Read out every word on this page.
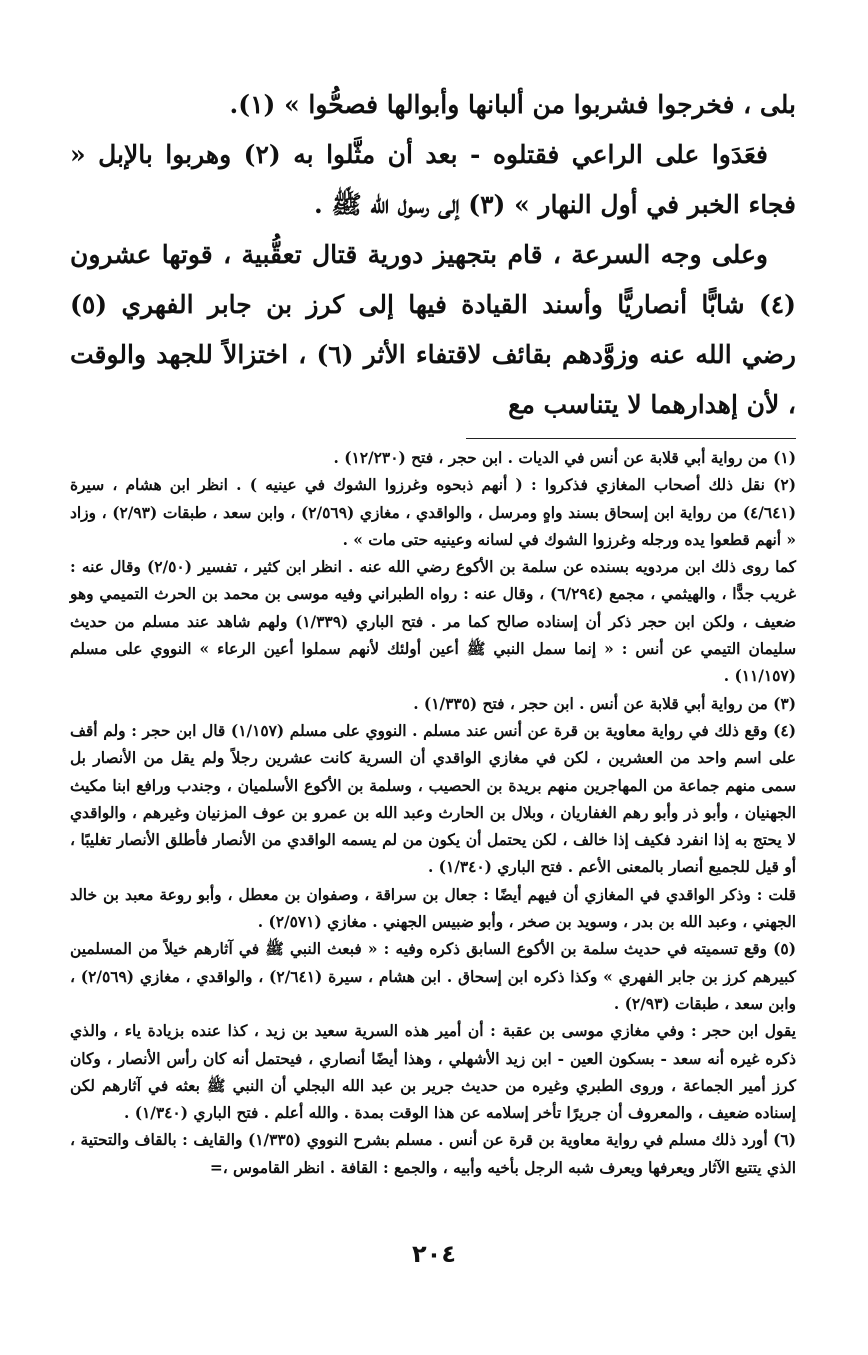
بلى ، فخرجوا فشربوا من ألبانها وأبوالها فصحُّوا » (١).

فعَدَوا على الراعي فقتلوه - بعد أن مثَّلوا به (٢) وهربوا بالإبل « فجاء الخبر في أول النهار » (٣) إلى رسول الله ﷺ .

وعلى وجه السرعة ، قام بتجهيز دورية قتال تعقُّبية ، قوتها عشرون (٤) شابًّا أنصاريًّا وأسند القيادة فيها إلى كرز بن جابر الفهري (٥) رضي الله عنه وزوَّدهم بقائف لاقتفاء الأثر (٦) ، اختزالاً للجهد والوقت ، لأن إهدارهما لا يتناسب مع

(١) من رواية أبي قلابة عن أنس في الديات . ابن حجر ، فتح (١٢/٢٣٠) .

(٢) نقل ذلك أصحاب المغازي فذكروا : ( أنهم ذبحوه وغرزوا الشوك في عينيه ) . انظر ابن هشام ، سيرة (٤/٦٤١) من رواية ابن إسحاق بسند واهٍ ومرسل ، والواقدي ، مغازي (٢/٥٦٩) ، وابن سعد ، طبقات (٢/٩٣) ، وزاد « أنهم قطعوا يده ورجله وغرزوا الشوك في لسانه وعينيه حتى مات » .

كما روى ذلك ابن مردويه بسنده عن سلمة بن الأكوع رضي الله عنه . انظر ابن كثير ، تفسير (٢/٥٠) وقال عنه : غريب جدًّا ، والهيثمي ، مجمع (٦/٢٩٤) ، وقال عنه : رواه الطبراني وفيه موسى بن محمد بن الحرث التميمي وهو ضعيف ، ولكن ابن حجر ذكر أن إسناده صالح كما مر . فتح الباري (١/٣٣٩) ولهم شاهد عند مسلم من حديث سليمان التيمي عن أنس : « إنما سمل النبي ﷺ أعين أولئك لأنهم سملوا أعين الرعاء » النووي على مسلم (١١/١٥٧) .

(٣) من رواية أبي قلابة عن أنس . ابن حجر ، فتح (١/٣٣٥) .

(٤) وقع ذلك في رواية معاوية بن قرة عن أنس عند مسلم . النووي على مسلم (١/١٥٧) قال ابن حجر : ولم أقف على اسم واحد من العشرين ، لكن في مغازي الواقدي أن السرية كانت عشرين رجلاً ولم يقل من الأنصار بل سمى منهم جماعة من المهاجرين منهم بريدة بن الحصيب ، وسلمة بن الأكوع الأسلميان ، وجندب ورافع ابنا مكيث الجهنيان ، وأبو ذر وأبو رهم الغفاريان ، وبلال بن الحارث وعبد الله بن عمرو بن عوف المزنيان وغيرهم ، والواقدي لا يحتج به إذا انفرد فكيف إذا خالف ، لكن يحتمل أن يكون من لم يسمه الواقدي من الأنصار فأطلق الأنصار تغليبًا ، أو قيل للجميع أنصار بالمعنى الأعم . فتح الباري (١/٣٤٠) .

قلت : وذكر الواقدي في المغازي أن فيهم أيضًا : جعال بن سراقة ، وصفوان بن معطل ، وأبو روعة معبد بن خالد الجهني ، وعبد الله بن بدر ، وسويد بن صخر ، وأبو ضبيس الجهني . مغازي (٢/٥٧١) .

(٥) وقع تسميته في حديث سلمة بن الأكوع السابق ذكره وفيه : « فبعث النبي ﷺ في آثارهم خيلاً من المسلمين كبيرهم كرز بن جابر الفهري » وكذا ذكره ابن إسحاق . ابن هشام ، سيرة (٢/٦٤١) ، والواقدي ، مغازي (٢/٥٦٩) ، وابن سعد ، طبقات (٢/٩٣) .

يقول ابن حجر : وفي مغازي موسى بن عقبة : أن أمير هذه السرية سعيد بن زيد ، كذا عنده بزيادة ياء ، والذي ذكره غيره أنه سعد - بسكون العين - ابن زيد الأشهلي ، وهذا أيضًا أنصاري ، فيحتمل أنه كان رأس الأنصار ، وكان كرز أمير الجماعة ، وروى الطبري وغيره من حديث جرير بن عبد الله البجلي أن النبي ﷺ بعثه في آثارهم لكن إسناده ضعيف ، والمعروف أن جريرًا تأخر إسلامه عن هذا الوقت بمدة . والله أعلم . فتح الباري (١/٣٤٠) .

(٦) أورد ذلك مسلم في رواية معاوية بن قرة عن أنس . مسلم بشرح النووي (١/٣٣٥) والقايف : بالقاف والتحتية ، الذي يتتبع الآثار ويعرفها ويعرف شبه الرجل بأخيه وأبيه ، والجمع : القافة . انظر القاموس ،=

٢٠٤
